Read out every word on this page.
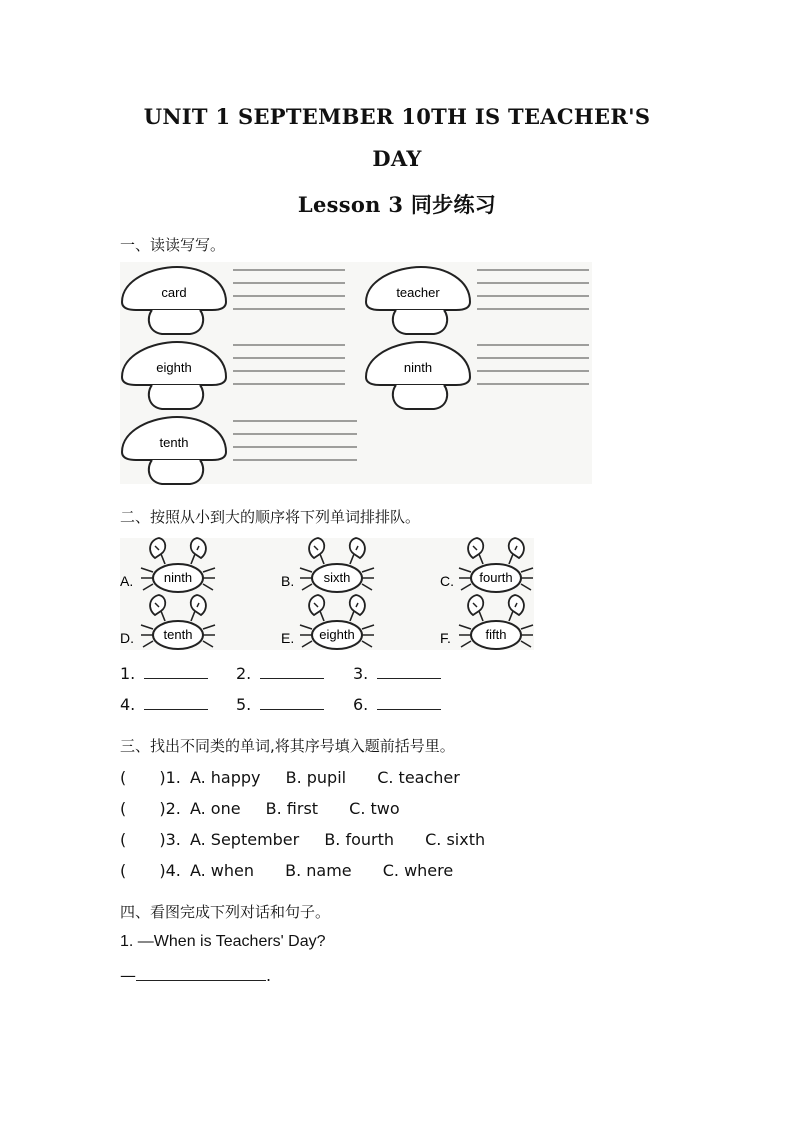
UNIT 1 SEPTEMBER 10TH IS TEACHER'S
DAY
Lesson 3 同步练习
一、读读写写。
card	teacher
eighth	ninth
tenth
ninth	sixth	fourth
tenth	eighth	fifth
A.	B.	C.
D.	E.	F.
二、按照从小到大的顺序将下列单词排排队。
1.	2.	3.
4.	5.	6.
三、找出不同类的单词,将其序号填入题前括号里。
( )1. A. happy B. pupil C. teacher
( )2. A. one B. first C. two
( )3. A. September B. fourth C. sixth
( )4. A. when B. name C. where
四、看图完成下列对话和句子。
1. —When is Teachers' Day?
—	.
